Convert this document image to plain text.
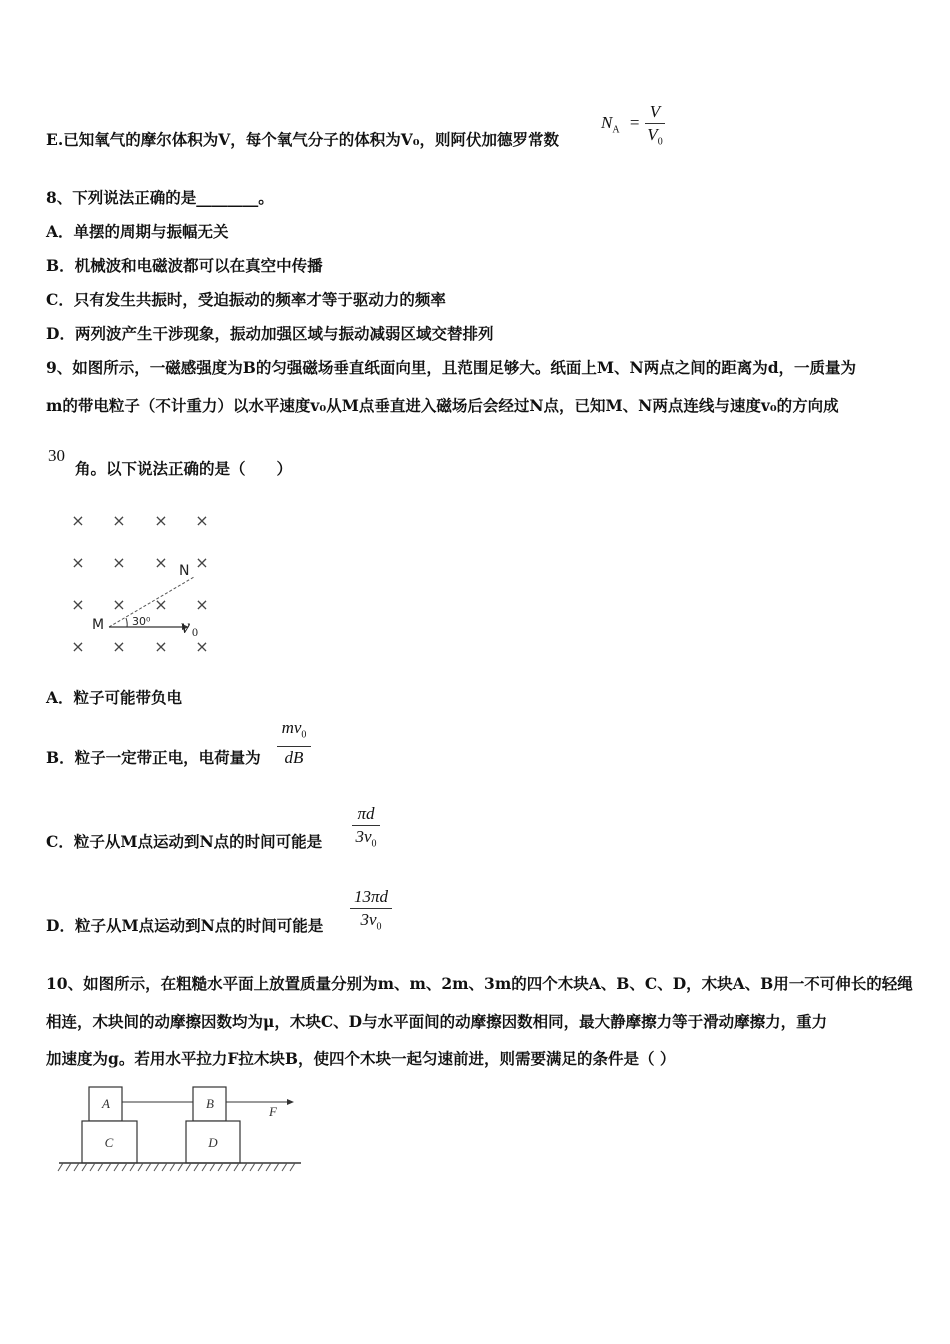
E.已知氧气的摩尔体积为V，每个氧气分子的体积为V₀，则阿伏加德罗常数
$N_A$ =
V
$V_0$
8、下列说法正确的是________。
A．单摆的周期与振幅无关
B．机械波和电磁波都可以在真空中传播
C．只有发生共振时，受迫振动的频率才等于驱动力的频率
D．两列波产生干涉现象，振动加强区域与振动减弱区域交替排列
9、如图所示，一磁感强度为B的匀强磁场垂直纸面向里，且范围足够大。纸面上M、N两点之间的距离为d，一质量为
m的带电粒子（不计重力）以水平速度v₀从M点垂直进入磁场后会经过N点，已知M、N两点连线与速度v₀的方向成
30
角。以下说法正确的是（　　）
× × × ×
× × × ×
× × × ×
× × × ×
M
N
30⁰ v 0
A．粒子可能带负电
B．粒子一定带正电，电荷量为
$mv_0$
dB
C．粒子从M点运动到N点的时间可能是
πd
$3v_0$
D．粒子从M点运动到N点的时间可能是
13πd
$3v_0$
10、如图所示，在粗糙水平面上放置质量分别为m、m、2m、3m的四个木块A、B、C、D，木块A、B用一不可伸长的轻绳
相连，木块间的动摩擦因数均为μ，木块C、D与水平面间的动摩擦因数相同，最大静摩擦力等于滑动摩擦力，重力
加速度为g。若用水平拉力F拉木块B，使四个木块一起匀速前进，则需要满足的条件是（ ）
A	B
C	D
F
